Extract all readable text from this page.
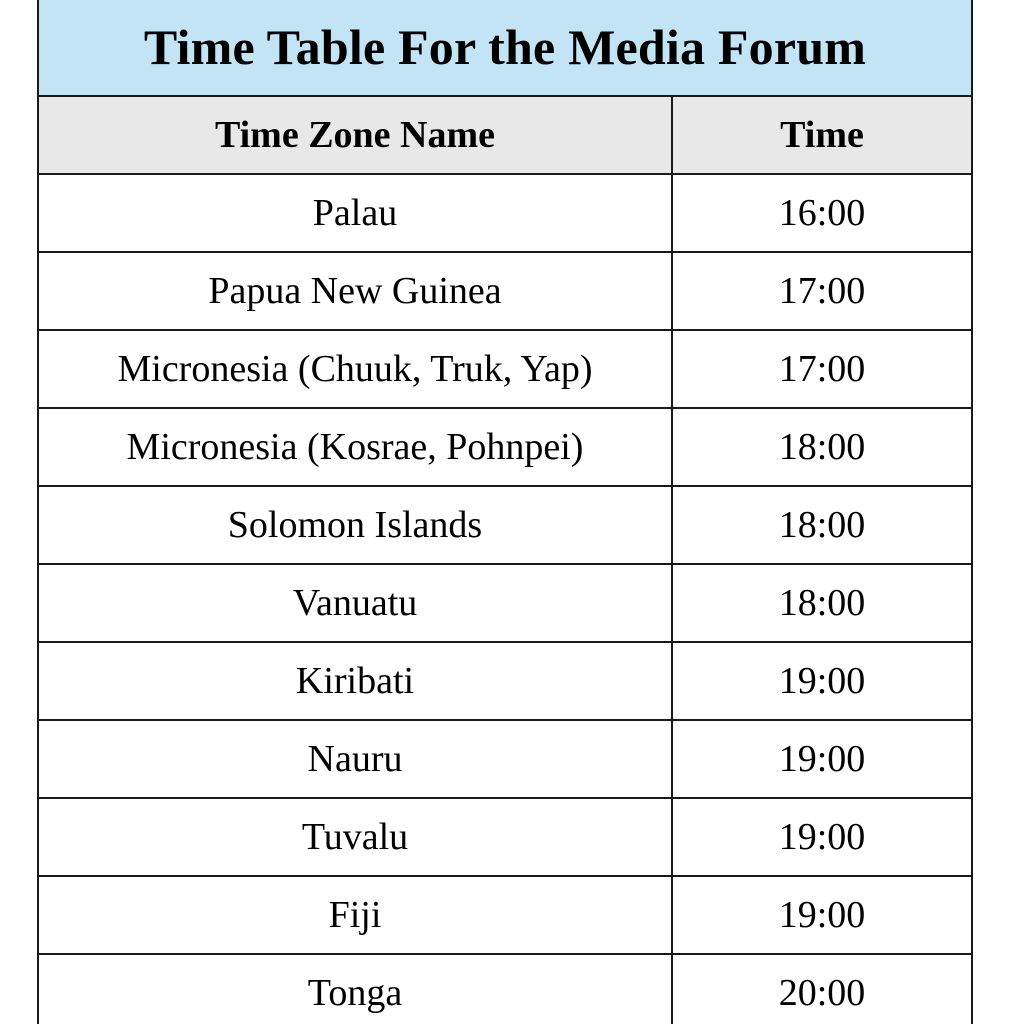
Time Table For the Media Forum	
Time Zone Name	Time
Palau	16:00
Papua New Guinea	17:00
Micronesia (Chuuk, Truk, Yap)	17:00
Micronesia (Kosrae, Pohnpei)	18:00
Solomon Islands	18:00
Vanuatu	18:00
Kiribati	19:00
Nauru	19:00
Tuvalu	19:00
Fiji	19:00
Tonga	20:00
